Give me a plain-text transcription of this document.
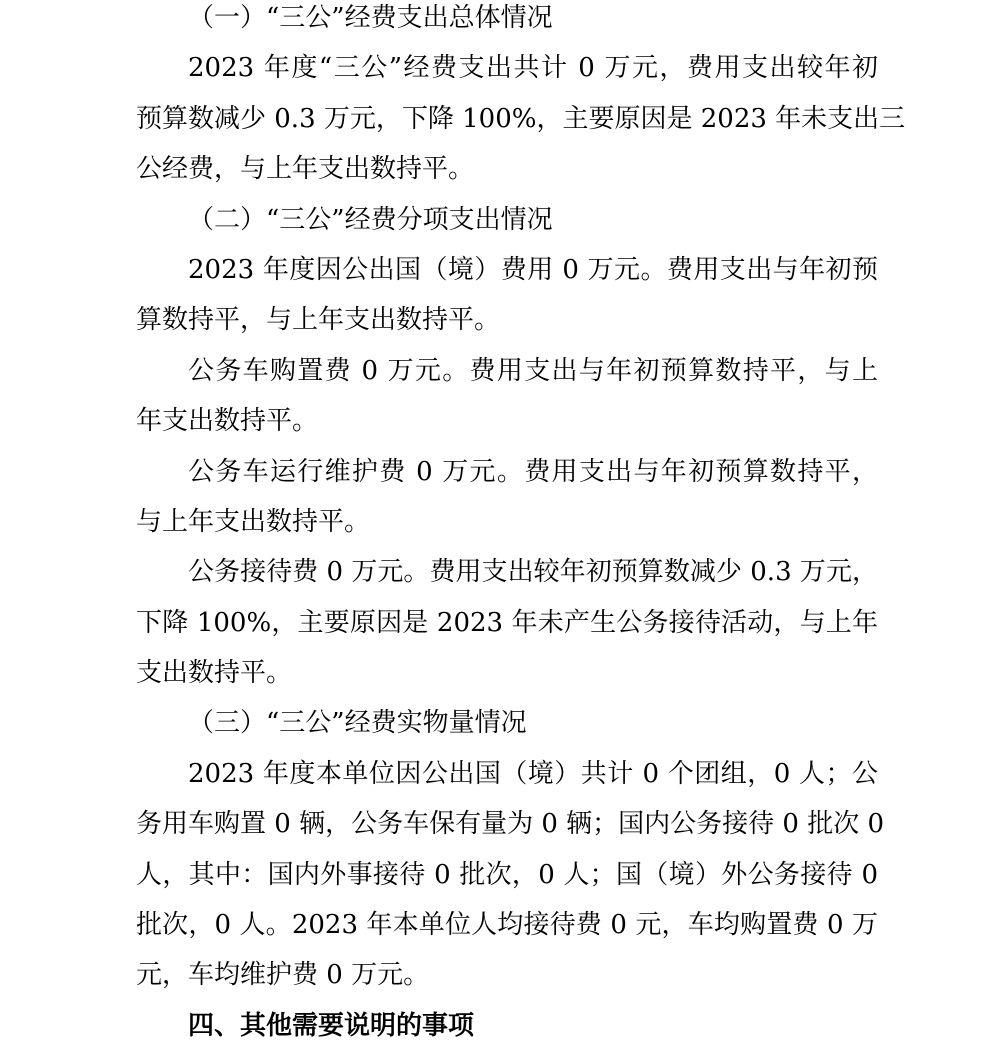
（一）“三公”经费支出总体情况
2023 年度“三公”经费支出共计 0 万元，费用支出较年初
预算数减少 0.3 万元，下降 100%，主要原因是 2023 年未支出三
公经费，与上年支出数持平。
（二）“三公”经费分项支出情况
2023 年度因公出国（境）费用 0 万元。费用支出与年初预
算数持平，与上年支出数持平。
公务车购置费 0 万元。费用支出与年初预算数持平，与上
年支出数持平。
公务车运行维护费 0 万元。费用支出与年初预算数持平，
与上年支出数持平。
公务接待费 0 万元。费用支出较年初预算数减少 0.3 万元，
下降 100%，主要原因是 2023 年未产生公务接待活动，与上年
支出数持平。
（三）“三公”经费实物量情况
2023 年度本单位因公出国（境）共计 0 个团组，0 人；公
务用车购置 0 辆，公务车保有量为 0 辆；国内公务接待 0 批次 0
人，其中：国内外事接待 0 批次，0 人；国（境）外公务接待 0
批次，0 人。2023 年本单位人均接待费 0 元，车均购置费 0 万
元，车均维护费 0 万元。
四、其他需要说明的事项
